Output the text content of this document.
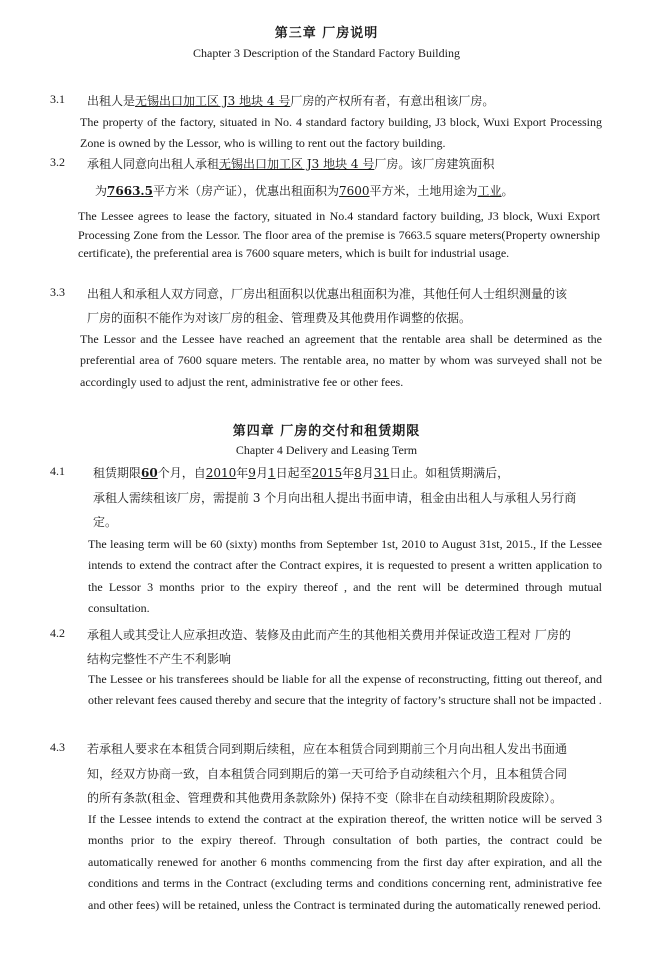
第三章 厂房说明
Chapter 3 Description of the Standard Factory Building
3.1 出租人是无锡出口加工区 J3 地块 4 号厂房的产权所有者，有意出租该厂房。
The property of the factory, situated in No. 4 standard factory building, J3 block, Wuxi Export Processing Zone is owned by the Lessor, who is willing to rent out the factory building.
3.2 承租人同意向出租人承租无锡出口加工区 J3 地块 4 号厂房。该厂房建筑面积
为7663.5平方米（房产证），优惠出租面积为7600平方米，土地用途为工业。
The Lessee agrees to lease the factory, situated in No.4 standard factory building, J3 block, Wuxi Export Processing Zone from the Lessor. The floor area of the premise is 7663.5 square meters(Property ownership certificate), the preferential area is 7600 square meters, which is built for industrial usage.
3.3 出租人和承租人双方同意，厂房出租面积以优惠出租面积为准，其他任何人士组织测量的该
厂房的面积不能作为对该厂房的租金、管理费及其他费用作调整的依据。
The Lessor and the Lessee have reached an agreement that the rentable area shall be determined as the preferential area of 7600 square meters. The rentable area, no matter by whom was surveyed shall not be accordingly used to adjust the rent, administrative fee or other fees.
第四章 厂房的交付和租赁期限
Chapter 4 Delivery and Leasing Term
4.1 租赁期限60个月，自2010年9月1日起至2015年8月31日止。如租赁期满后，
承租人需续租该厂房，需提前 3 个月向出租人提出书面申请，租金由出租人与承租人另行商
定。
The leasing term will be 60 (sixty) months from September 1st, 2010 to August 31st, 2015., If the Lessee intends to extend the contract after the Contract expires, it is requested to present a written application to the Lessor 3 months prior to the expiry thereof , and the rent will be determined through mutual consultation.
4.2 承租人或其受让人应承担改造、装修及由此而产生的其他相关费用并保证改造工程对 厂房的
结构完整性不产生不利影响
The Lessee or his transferees should be liable for all the expense of reconstructing, fitting out thereof, and other relevant fees caused thereby and secure that the integrity of factory’s structure shall not be impacted .
4.3 若承租人要求在本租赁合同到期后续租，应在本租赁合同到期前三个月向出租人发出书面通
知，经双方协商一致，自本租赁合同到期后的第一天可给予自动续租六个月，且本租赁合同
的所有条款(租金、管理费和其他费用条款除外) 保持不变（除非在自动续租期阶段废除）。
If the Lessee intends to extend the contract at the expiration thereof, the written notice will be served 3 months prior to the expiry thereof. Through consultation of both parties, the contract could be automatically renewed for another 6 months commencing from the first day after expiration, and all the conditions and terms in the Contract (excluding terms and conditions concerning rent, administrative fee and other fees) will be retained, unless the Contract is terminated during the automatically renewed period.
